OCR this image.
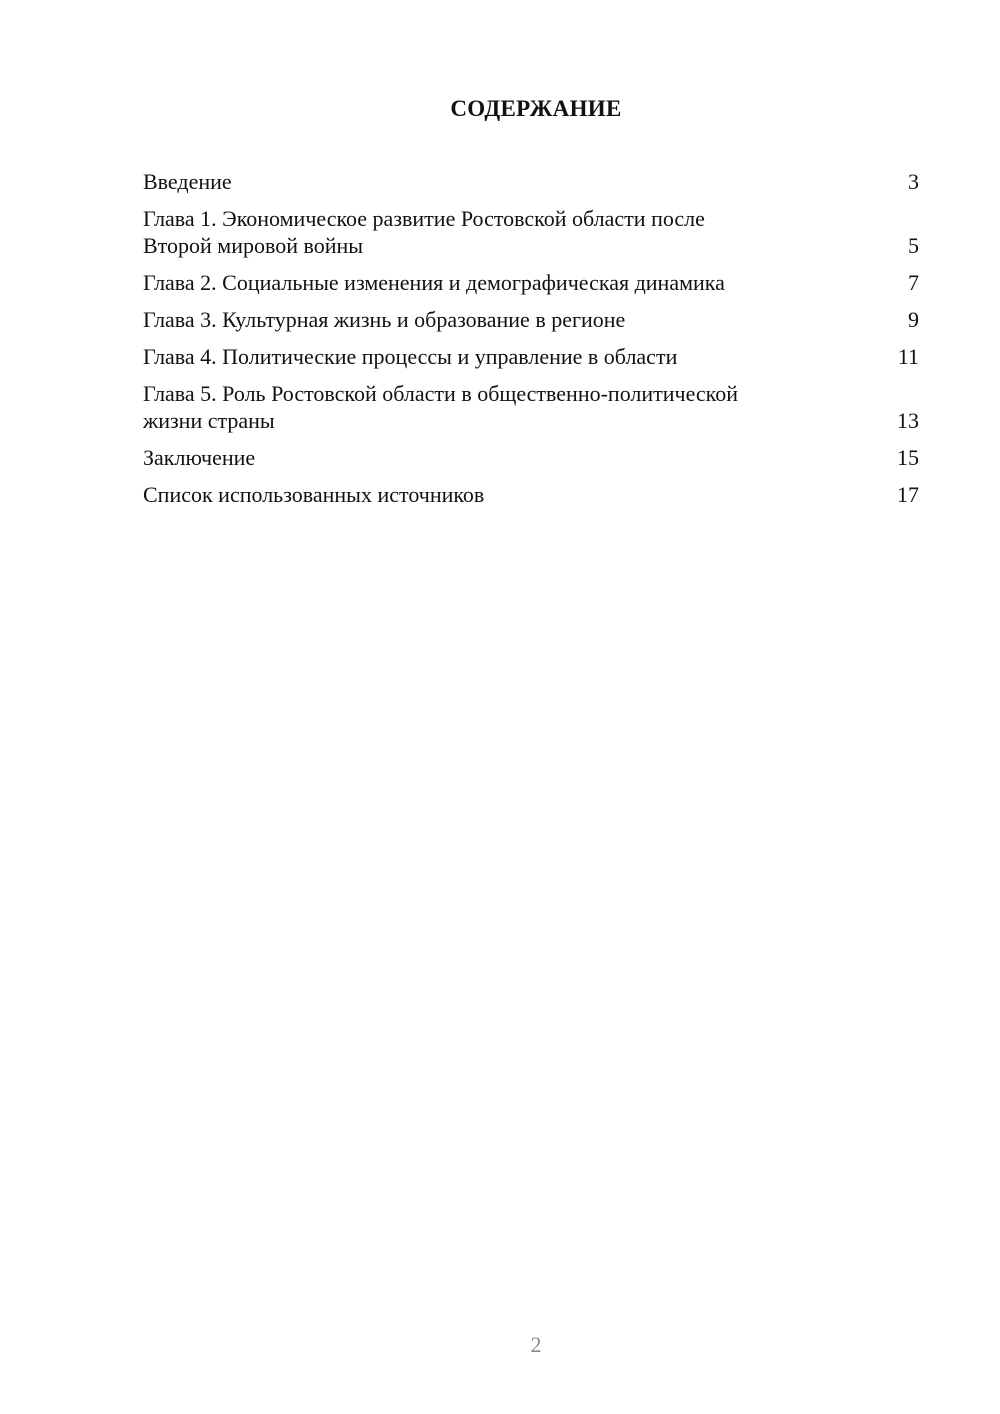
СОДЕРЖАНИЕ
Введение	3
Глава 1. Экономическое развитие Ростовской области после
Второй мировой войны	5
Глава 2. Социальные изменения и демографическая динамика	7
Глава 3. Культурная жизнь и образование в регионе	9
Глава 4. Политические процессы и управление в области	11
Глава 5. Роль Ростовской области в общественно-политической
жизни страны	13
Заключение	15
Список использованных источников	17
2
